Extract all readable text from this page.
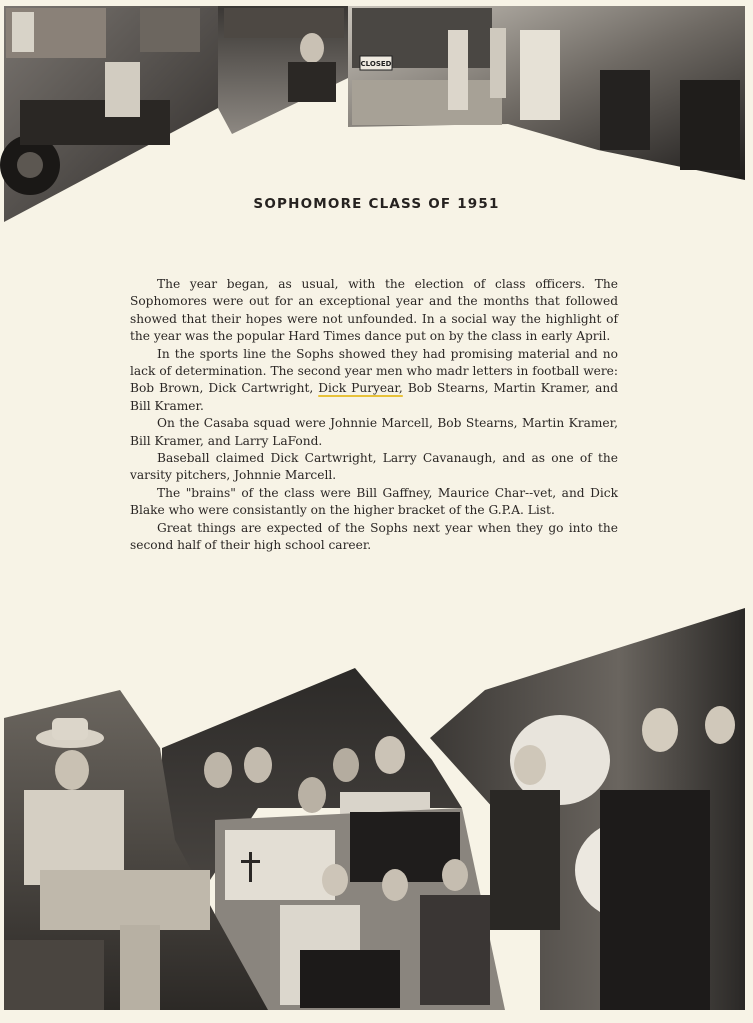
CLOSED
SOPHOMORE CLASS OF 1951

The year began, as usual, with the election of class officers. The Sophomores were out for an exceptional year and the months that followed showed that their hopes were not unfounded. In a social way the highlight of the year was the popular Hard Times dance put on by the class in early April.

In the sports line the Sophs showed they had promising material and no lack of determination. The second year men who madr letters in football were: Bob Brown, Dick Cartwright, Dick Puryear, Bob Stearns, Martin Kramer, and Bill Kramer.

On the Casaba squad were Johnnie Marcell, Bob Stearns, Martin Kramer, Bill Kramer, and Larry LaFond.

Baseball claimed Dick Cartwright, Larry Cavanaugh, and as one of the varsity pitchers, Johnnie Marcell.

The "brains" of the class were Bill Gaffney, Maurice Char--vet, and Dick Blake who were consistantly on the higher bracket of the G.P.A. List.

Great things are expected of the Sophs next year when they go into the second half of their high school career.
